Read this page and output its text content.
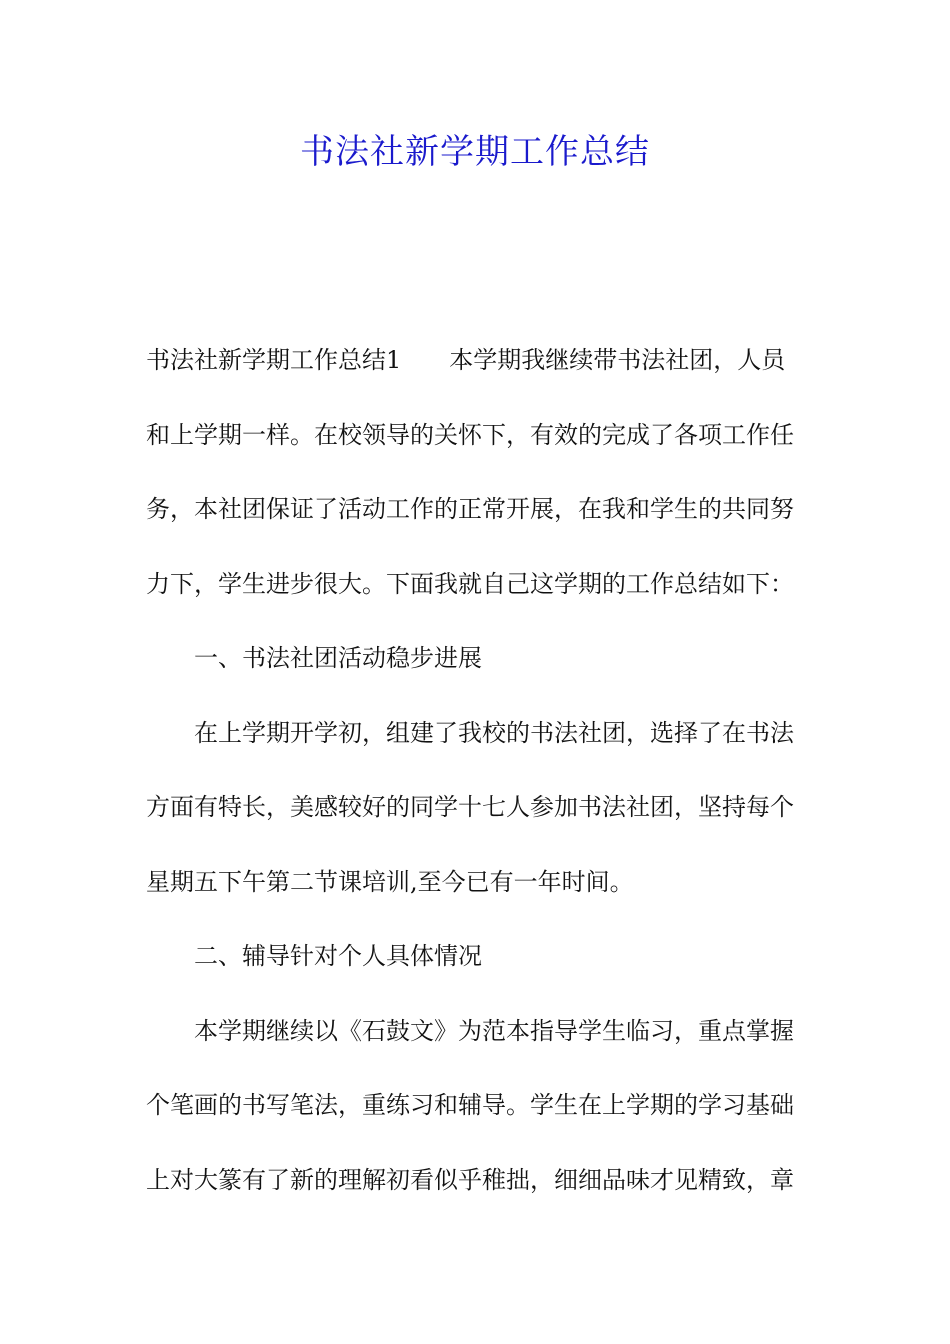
书法社新学期工作总结
书法社新学期工作总结1　　本学期我继续带书法社团，人员
和上学期一样。在校领导的关怀下，有效的完成了各项工作任
务，本社团保证了活动工作的正常开展，在我和学生的共同努
力下，学生进步很大。下面我就自己这学期的工作总结如下：
　　一、书法社团活动稳步进展
　　在上学期开学初，组建了我校的书法社团，选择了在书法
方面有特长，美感较好的同学十七人参加书法社团，坚持每个
星期五下午第二节课培训,至今已有一年时间。
　　二、辅导针对个人具体情况
　　本学期继续以《石鼓文》为范本指导学生临习，重点掌握
个笔画的书写笔法，重练习和辅导。学生在上学期的学习基础
上对大篆有了新的理解初看似乎稚拙，细细品味才见精致，章
